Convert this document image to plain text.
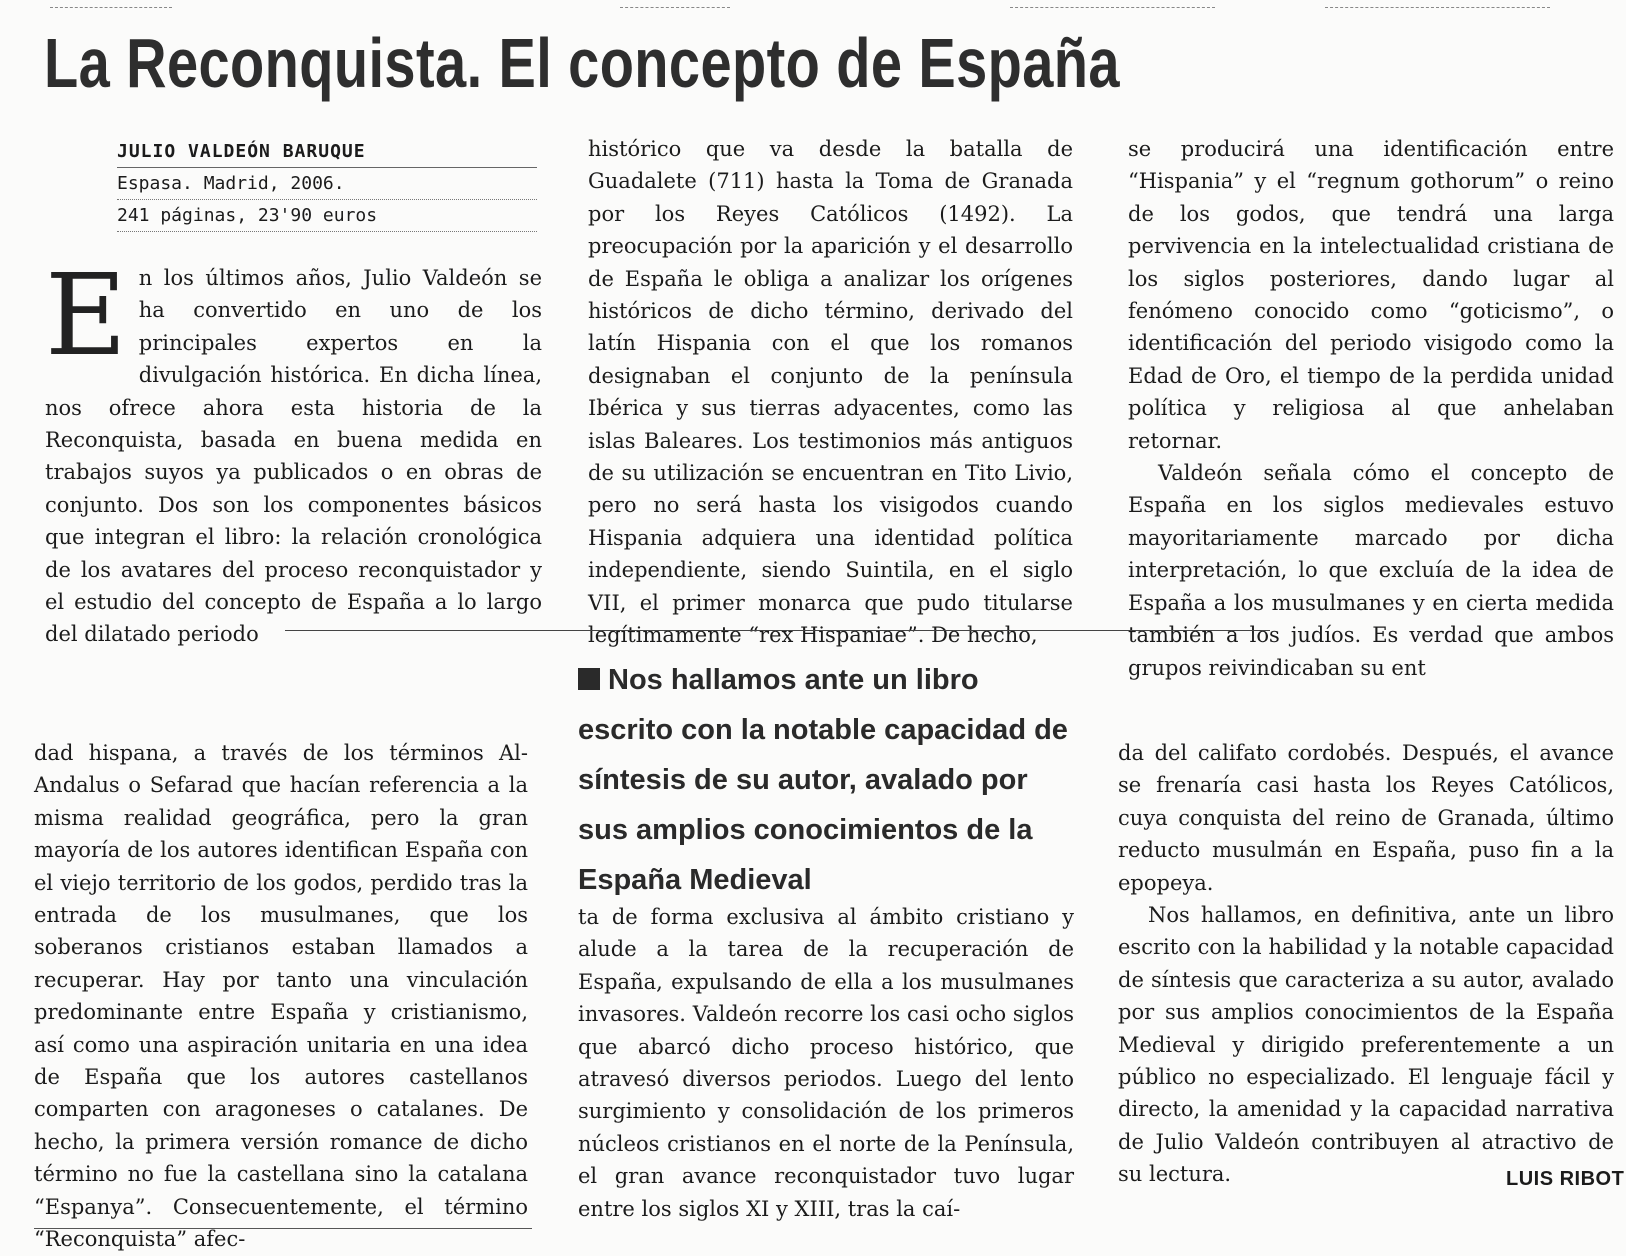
La Reconquista. El concepto de España
JULIO VALDEÓN BARUQUE
Espasa. Madrid, 2006.
241 páginas, 23'90 euros

En los últimos años, Julio Valdeón se ha convertido en uno de los principales expertos en la divulgación histórica. En dicha línea, nos ofrece ahora esta historia de la Reconquista, basada en buena medida en trabajos suyos ya publicados o en obras de conjunto. Dos son los componentes básicos que integran el libro: la relación cronológica de los avatares del proceso reconquistador y el estudio del concepto de España a lo largo del dilatado periodo

histórico que va desde la batalla de Guadalete (711) hasta la Toma de Granada por los Reyes Católicos (1492). La preocupación por la aparición y el desarrollo de España le obliga a analizar los orígenes históricos de dicho término, derivado del latín Hispania con el que los romanos designaban el conjunto de la península Ibérica y sus tierras adyacentes, como las islas Baleares. Los testimonios más antiguos de su utilización se encuentran en Tito Livio, pero no será hasta los visigodos cuando Hispania adquiera una identidad política independiente, siendo Suintila, en el siglo VII, el primer monarca que pudo titularse legítimamente “rex Hispaniae”. De hecho,

se producirá una identificación entre “Hispania” y el “regnum gothorum” o reino de los godos, que tendrá una larga pervivencia en la intelectualidad cristiana de los siglos posteriores, dando lugar al fenómeno conocido como “goticismo”, o identificación del periodo visigodo como la Edad de Oro, el tiempo de la perdida unidad política y religiosa al que anhelaban retornar.

Valdeón señala cómo el concepto de España en los siglos medievales estuvo mayoritariamente marcado por dicha interpretación, lo que excluía de la idea de España a los musulmanes y en cierta medida también a los judíos. Es verdad que ambos grupos reivindicaban su ent

Nos hallamos ante un libro escrito con la notable capacidad de síntesis de su autor, avalado por sus amplios conocimientos de la España Medieval

dad hispana, a través de los términos Al-Andalus o Sefarad que hacían referencia a la misma realidad geográfica, pero la gran mayoría de los autores identifican España con el viejo territorio de los godos, perdido tras la entrada de los musulmanes, que los soberanos cristianos estaban llamados a recuperar. Hay por tanto una vinculación predominante entre España y cristianismo, así como una aspiración unitaria en una idea de España que los autores castellanos comparten con aragoneses o catalanes. De hecho, la primera versión romance de dicho término no fue la castellana sino la catalana “Espanya”. Consecuentemente, el término “Reconquista” afec-

ta de forma exclusiva al ámbito cristiano y alude a la tarea de la recuperación de España, expulsando de ella a los musulmanes invasores. Valdeón recorre los casi ocho siglos que abarcó dicho proceso histórico, que atravesó diversos periodos. Luego del lento surgimiento y consolidación de los primeros núcleos cristianos en el norte de la Península, el gran avance reconquistador tuvo lugar entre los siglos XI y XIII, tras la caí-

da del califato cordobés. Después, el avance se frenaría casi hasta los Reyes Católicos, cuya conquista del reino de Granada, último reducto musulmán en España, puso fin a la epopeya.

Nos hallamos, en definitiva, ante un libro escrito con la habilidad y la notable capacidad de síntesis que caracteriza a su autor, avalado por sus amplios conocimientos de la España Medieval y dirigido preferentemente a un público no especializado. El lenguaje fácil y directo, la amenidad y la capacidad narrativa de Julio Valdeón contribuyen al atractivo de su lectura.	LUIS RIBOT
